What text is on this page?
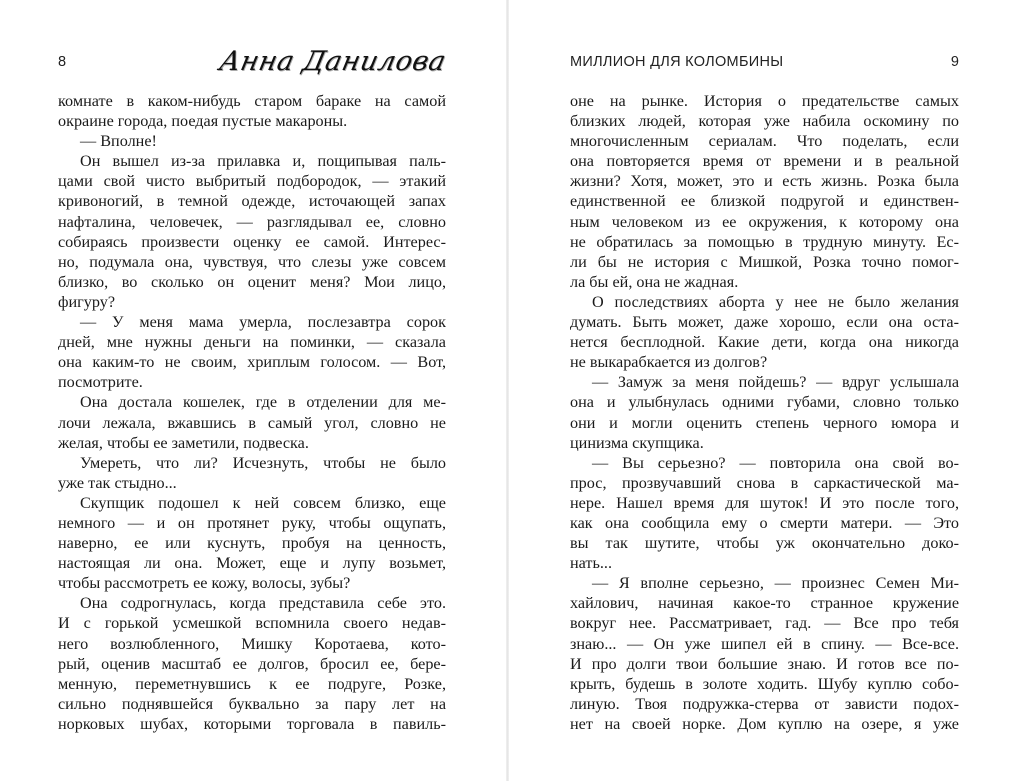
8	Анна Данилова
комнате в каком-нибудь старом бараке на самой
окраине города, поедая пустые макароны.
— Вполне!
Он вышел из-за прилавка и, пощипывая паль-
цами свой чисто выбритый подбородок, — этакий
кривоногий, в темной одежде, источающей запах
нафталина, человечек, — разглядывал ее, словно
собираясь произвести оценку ее самой. Интерес-
но, подумала она, чувствуя, что слезы уже совсем
близко, во сколько он оценит меня? Мои лицо,
фигуру?
— У меня мама умерла, послезавтра сорок
дней, мне нужны деньги на поминки, — сказала
она каким-то не своим, хриплым голосом. — Вот,
посмотрите.
Она достала кошелек, где в отделении для ме-
лочи лежала, вжавшись в самый угол, словно не
желая, чтобы ее заметили, подвеска.
Умереть, что ли? Исчезнуть, чтобы не было
уже так стыдно...
Скупщик подошел к ней совсем близко, еще
немного — и он протянет руку, чтобы ощупать,
наверно, ее или куснуть, пробуя на ценность,
настоящая ли она. Может, еще и лупу возьмет,
чтобы рассмотреть ее кожу, волосы, зубы?
Она содрогнулась, когда представила себе это.
И с горькой усмешкой вспомнила своего недав-
него возлюбленного, Мишку Коротаева, кото-
рый, оценив масштаб ее долгов, бросил ее, бере-
менную, переметнувшись к ее подруге, Розке,
сильно поднявшейся буквально за пару лет на
норковых шубах, которыми торговала в павиль-
МИЛЛИОН ДЛЯ КОЛОМБИНЫ	9
оне на рынке. История о предательстве самых
близких людей, которая уже набила оскомину по
многочисленным сериалам. Что поделать, если
она повторяется время от времени и в реальной
жизни? Хотя, может, это и есть жизнь. Розка была
единственной ее близкой подругой и единствен-
ным человеком из ее окружения, к которому она
не обратилась за помощью в трудную минуту. Ес-
ли бы не история с Мишкой, Розка точно помог-
ла бы ей, она не жадная.
О последствиях аборта у нее не было желания
думать. Быть может, даже хорошо, если она оста-
нется бесплодной. Какие дети, когда она никогда
не выкарабкается из долгов?
— Замуж за меня пойдешь? — вдруг услышала
она и улыбнулась одними губами, словно только
они и могли оценить степень черного юмора и
цинизма скупщика.
— Вы серьезно? — повторила она свой во-
прос, прозвучавший снова в саркастической ма-
нере. Нашел время для шуток! И это после того,
как она сообщила ему о смерти матери. — Это
вы так шутите, чтобы уж окончательно доко-
нать...
— Я вполне серьезно, — произнес Семен Ми-
хайлович, начиная какое-то странное кружение
вокруг нее. Рассматривает, гад. — Все про тебя
знаю... — Он уже шипел ей в спину. — Все-все.
И про долги твои большие знаю. И готов все по-
крыть, будешь в золоте ходить. Шубу куплю собо-
линую. Твоя подружка-стерва от зависти подох-
нет на своей норке. Дом куплю на озере, я уже
